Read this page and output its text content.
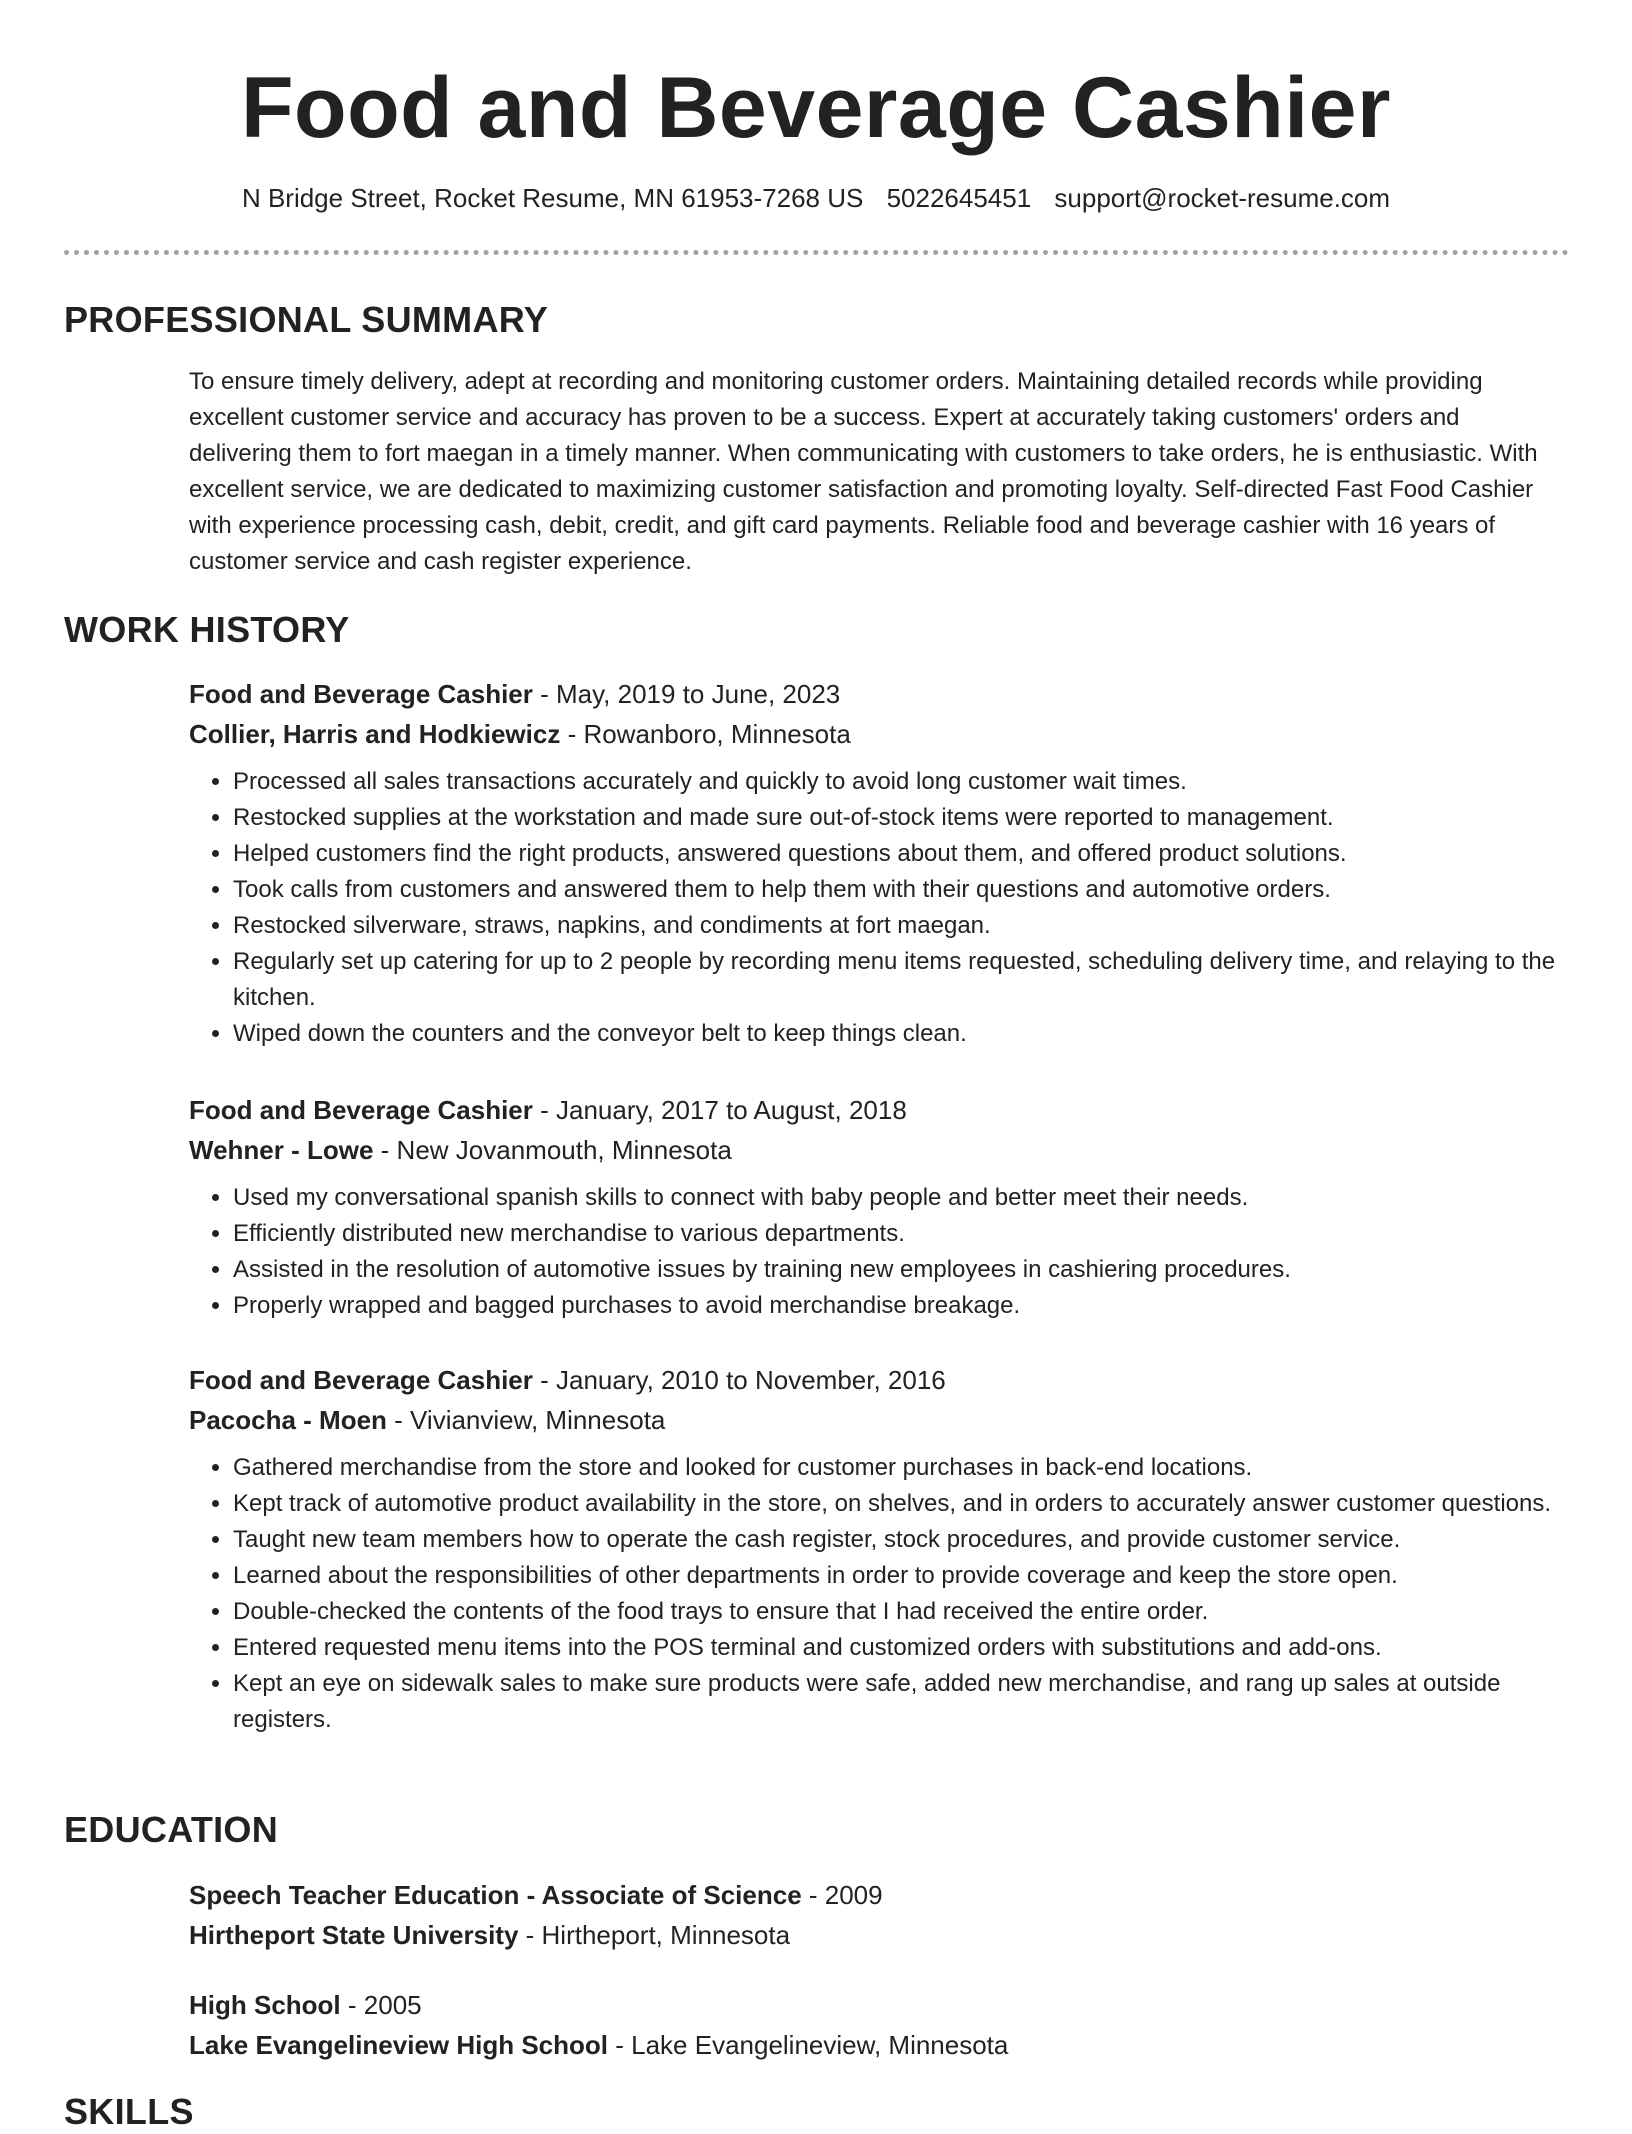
Food and Beverage Cashier
N Bridge Street, Rocket Resume, MN 61953-7268 US 5022645451 support@rocket-resume.com
PROFESSIONAL SUMMARY
To ensure timely delivery, adept at recording and monitoring customer orders. Maintaining detailed records while providing excellent customer service and accuracy has proven to be a success. Expert at accurately taking customers' orders and delivering them to fort maegan in a timely manner. When communicating with customers to take orders, he is enthusiastic. With excellent service, we are dedicated to maximizing customer satisfaction and promoting loyalty. Self-directed Fast Food Cashier with experience processing cash, debit, credit, and gift card payments. Reliable food and beverage cashier with 16 years of customer service and cash register experience.
WORK HISTORY
Food and Beverage Cashier - May, 2019 to June, 2023
Collier, Harris and Hodkiewicz - Rowanboro, Minnesota
• Processed all sales transactions accurately and quickly to avoid long customer wait times.
• Restocked supplies at the workstation and made sure out-of-stock items were reported to management.
• Helped customers find the right products, answered questions about them, and offered product solutions.
• Took calls from customers and answered them to help them with their questions and automotive orders.
• Restocked silverware, straws, napkins, and condiments at fort maegan.
• Regularly set up catering for up to 2 people by recording menu items requested, scheduling delivery time, and relaying to the kitchen.
• Wiped down the counters and the conveyor belt to keep things clean.
Food and Beverage Cashier - January, 2017 to August, 2018
Wehner - Lowe - New Jovanmouth, Minnesota
• Used my conversational spanish skills to connect with baby people and better meet their needs.
• Efficiently distributed new merchandise to various departments.
• Assisted in the resolution of automotive issues by training new employees in cashiering procedures.
• Properly wrapped and bagged purchases to avoid merchandise breakage.
Food and Beverage Cashier - January, 2010 to November, 2016
Pacocha - Moen - Vivianview, Minnesota
• Gathered merchandise from the store and looked for customer purchases in back-end locations.
• Kept track of automotive product availability in the store, on shelves, and in orders to accurately answer customer questions.
• Taught new team members how to operate the cash register, stock procedures, and provide customer service.
• Learned about the responsibilities of other departments in order to provide coverage and keep the store open.
• Double-checked the contents of the food trays to ensure that I had received the entire order.
• Entered requested menu items into the POS terminal and customized orders with substitutions and add-ons.
• Kept an eye on sidewalk sales to make sure products were safe, added new merchandise, and rang up sales at outside registers.
EDUCATION
Speech Teacher Education - Associate of Science - 2009
Hirtheport State University - Hirtheport, Minnesota
High School - 2005
Lake Evangelineview High School - Lake Evangelineview, Minnesota
SKILLS
